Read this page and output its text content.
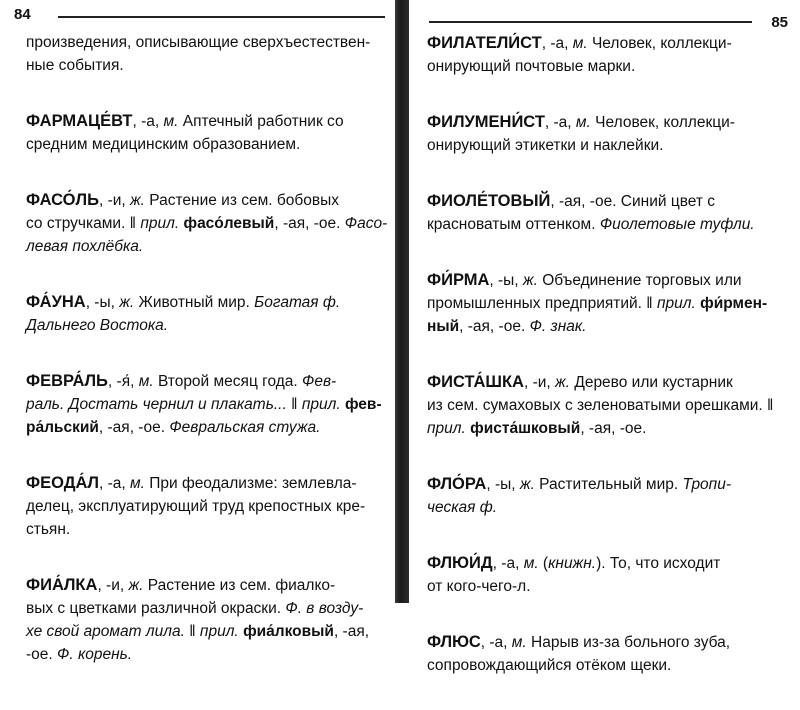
84
произведения, описывающие сверхъестествен-
ные события.
ФАРМАЦЕ́ВТ, -а, м. Аптечный работник со
средним медицинским образованием.
ФАСО́ЛЬ, -и, ж. Растение из сем. бобовых
со стручками. ‖ прил. фасо́левый, -ая, -ое. Фасо-
левая похлёбка.
ФА́УНА, -ы, ж. Животный мир. Богатая ф.
Дальнего Востока.
ФЕВРА́ЛЬ, -я́, м. Второй месяц года. Фев-
раль. Достать чернил и плакать... ‖ прил. фев-
ра́льский, -ая, -ое. Февральская стужа.
ФЕОДА́Л, -а, м. При феодализме: землевла-
делец, эксплуатирующий труд крепостных кре-
стьян.
ФИА́ЛКА, -и, ж. Растение из сем. фиалко-
вых с цветками различной окраски. Ф. в возду-
хе свой аромат лила. ‖ прил. фиа́лковый, -ая,
-ое. Ф. корень.
85
ФИЛАТЕЛИ́СТ, -а, м. Человек, коллекци-
онирующий почтовые марки.
ФИЛУМЕНИ́СТ, -а, м. Человек, коллекци-
онирующий этикетки и наклейки.
ФИОЛЕ́ТОВЫЙ, -ая, -ое. Синий цвет с
красноватым оттенком. Фиолетовые туфли.
ФИ́РМА, -ы, ж. Объединение торговых или
промышленных предприятий. ‖ прил. фи́рмен-
ный, -ая, -ое. Ф. знак.
ФИСТА́ШКА, -и, ж. Дерево или кустарник
из сем. сумаховых с зеленоватыми орешками. ‖
прил. фиста́шковый, -ая, -ое.
ФЛО́РА, -ы, ж. Растительный мир. Тропи-
ческая ф.
ФЛЮИ́Д, -а, м. (книжн.). То, что исходит
от кого-чего-л.
ФЛЮС, -а, м. Нарыв из-за больного зуба,
сопровождающийся отёком щеки.
